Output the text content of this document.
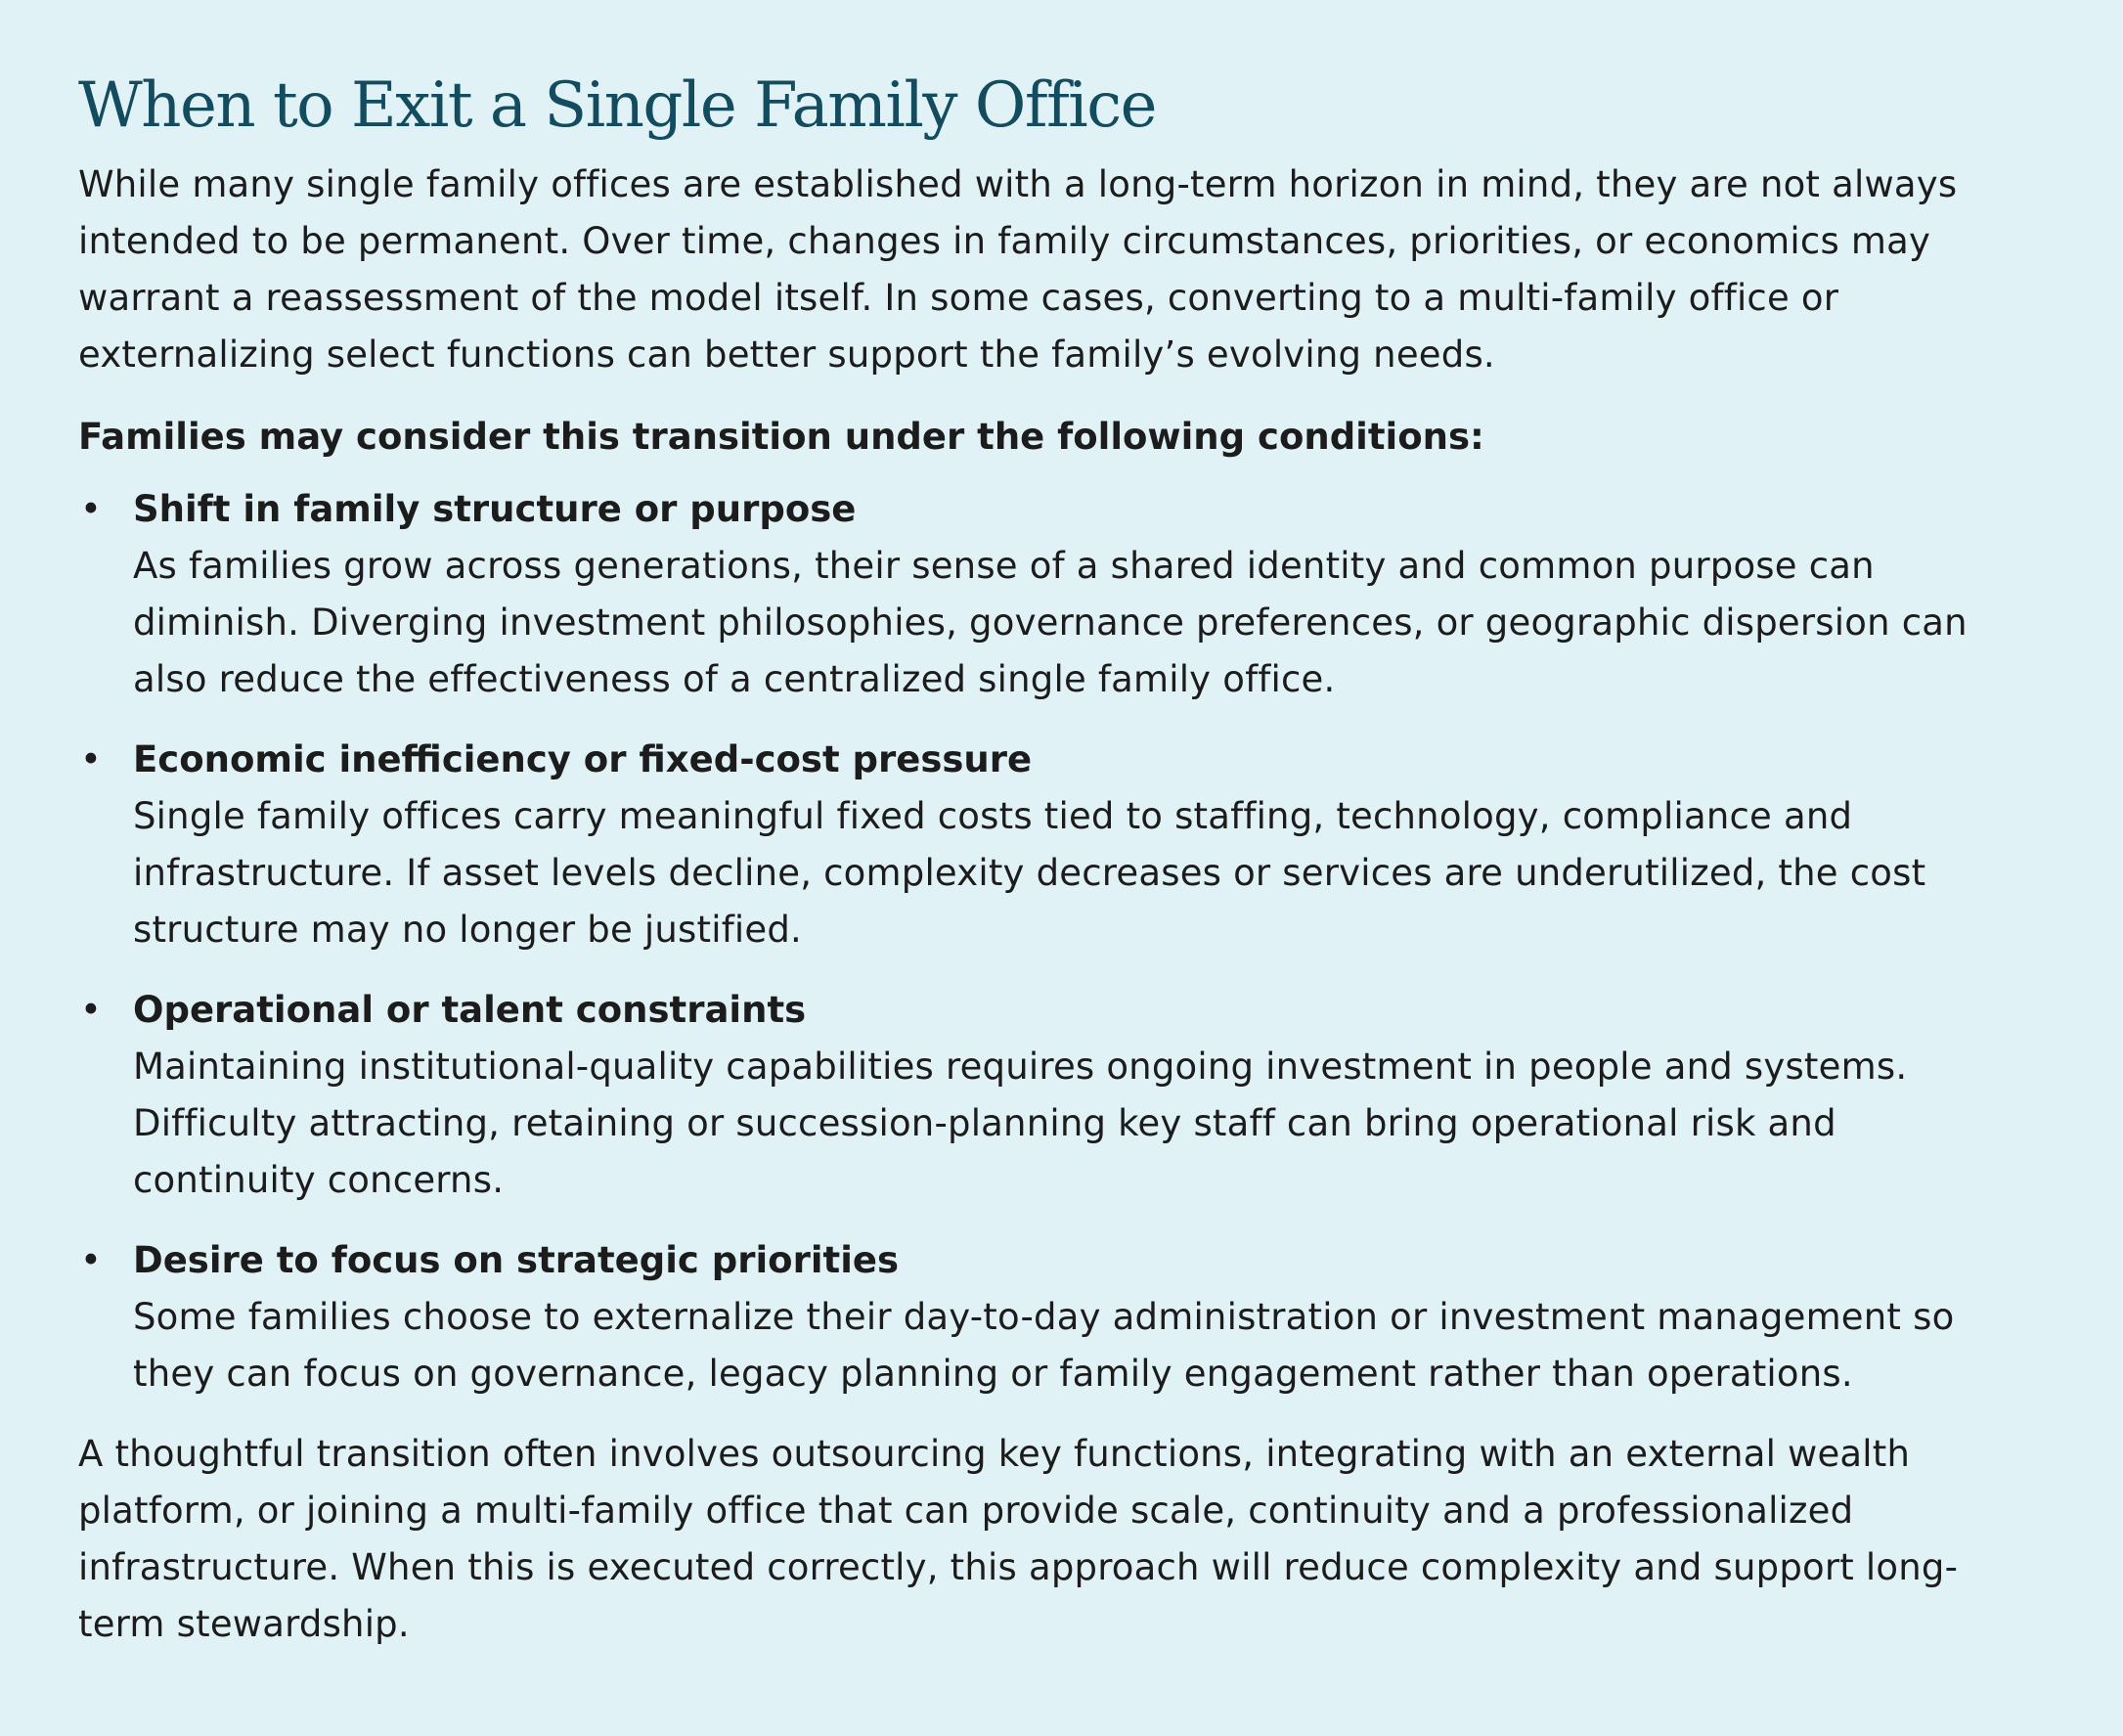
When to Exit a Single Family Office

While many single family offices are established with a long-term horizon in mind, they are not always intended to be permanent. Over time, changes in family circumstances, priorities, or economics may warrant a reassessment of the model itself. In some cases, converting to a multi-family office or externalizing select functions can better support the family’s evolving needs.

Families may consider this transition under the following conditions:

• Shift in family structure or purpose
As families grow across generations, their sense of a shared identity and common purpose can diminish. Diverging investment philosophies, governance preferences, or geographic dispersion can also reduce the effectiveness of a centralized single family office.
• Economic inefficiency or fixed-cost pressure
Single family offices carry meaningful fixed costs tied to staffing, technology, compliance and infrastructure. If asset levels decline, complexity decreases or services are underutilized, the cost structure may no longer be justified.
• Operational or talent constraints
Maintaining institutional-quality capabilities requires ongoing investment in people and systems. Difficulty attracting, retaining or succession-planning key staff can bring operational risk and continuity concerns.
• Desire to focus on strategic priorities
Some families choose to externalize their day-to-day administration or investment management so they can focus on governance, legacy planning or family engagement rather than operations.

A thoughtful transition often involves outsourcing key functions, integrating with an external wealth platform, or joining a multi-family office that can provide scale, continuity and a professionalized infrastructure. When this is executed correctly, this approach will reduce complexity and support long-term stewardship.
